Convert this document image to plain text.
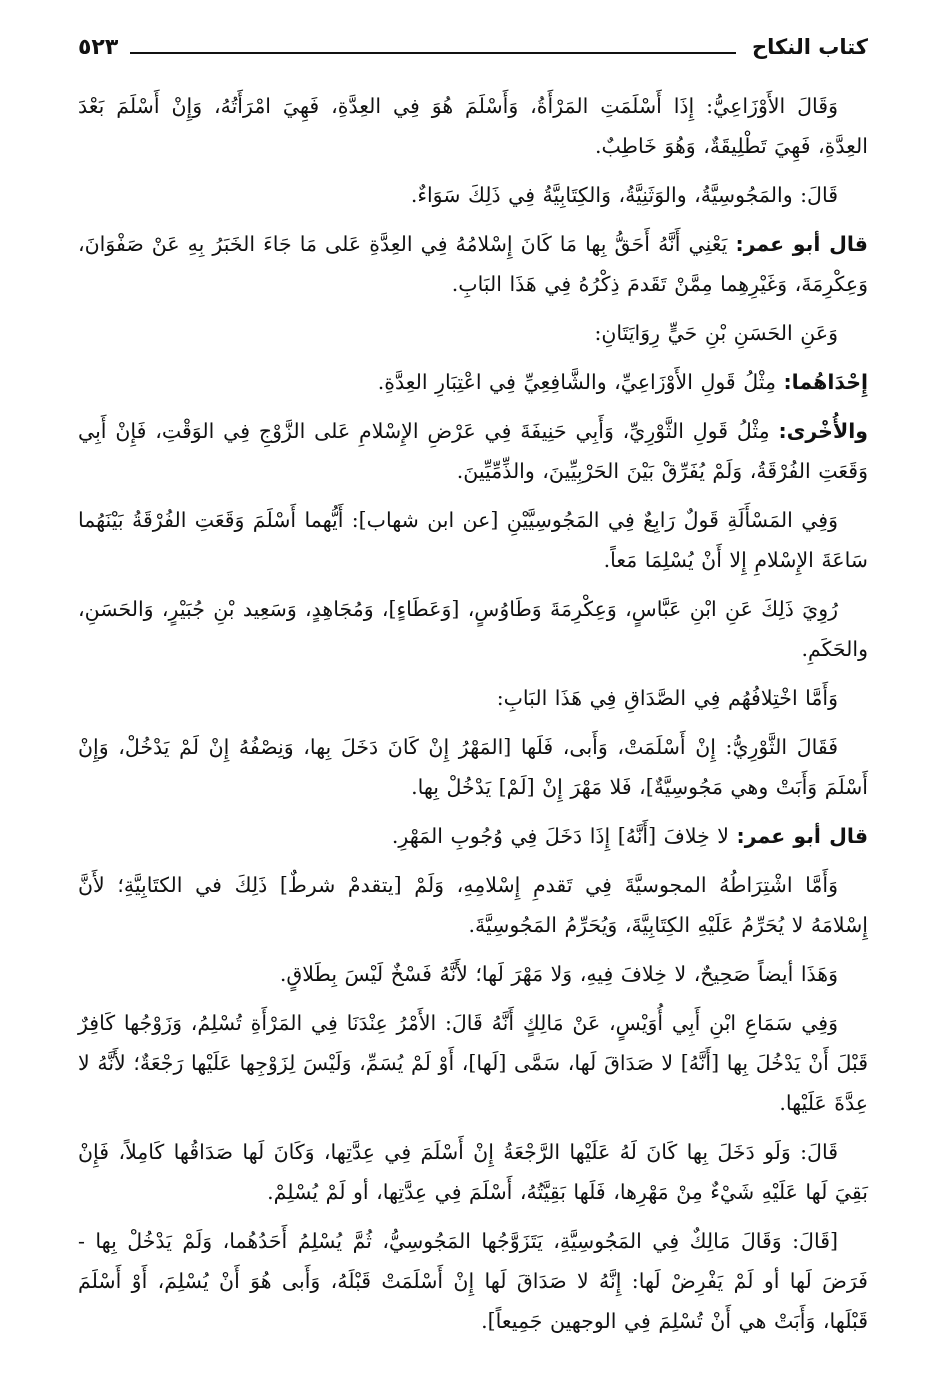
كتاب النكاح
٥٢٣

وَقَالَ الأَوْزَاعِيُّ: إِذَا أَسْلَمَتِ المَرْأَةُ، وَأَسْلَمَ هُوَ فِي العِدَّةِ، فَهِيَ امْرَأَتُهُ، وَإِنْ أَسْلَمَ بَعْدَ العِدَّةِ، فَهِيَ تَطْلِيقَةٌ، وَهُوَ خَاطِبٌ.

قَالَ: والمَجُوسِيَّةُ، والوَثَنِيَّةُ، وَالكِتَابِيَّةُ فِي ذَلِكَ سَوَاءٌ.

قال أبو عمر: يَعْنِي أَنَّهُ أَحَقُّ بِها مَا كَانَ إِسْلامُهُ فِي العِدَّةِ عَلى مَا جَاءَ الخَبَرُ بِهِ عَنْ صَفْوَانَ، وَعِكْرِمَةَ، وَغَيْرِهِما مِمَّنْ تَقَدمَ ذِكْرُهُ فِي هَذَا البَابِ.

وَعَنِ الحَسَنِ بْنِ حَيٍّ رِوَايَتَانِ:

إِحْدَاهُما: مِثْلُ قَولِ الأَوْزَاعِيِّ، والشَّافِعِيِّ فِي اعْتِبَارِ العِدَّةِ.

والأُخْرى: مِثْلُ قَولِ الثَّوْرِيِّ، وَأَبِي حَنِيفَةَ فِي عَرْضِ الإِسْلامِ عَلى الزَّوْجِ فِي الوَقْتِ، فَإِنْ أَبِي وَقَعَتِ الفُرْقَةُ، وَلَمْ يُفَرِّقْ بَيْنَ الحَرْبِيِّينَ، والذِّمِّيِّينَ.

وَفِي المَسْأَلَةِ قَولٌ رَابِعٌ فِي المَجُوسِيَّيْنِ [عن ابن شهاب]: أَيُّهما أَسْلَمَ وَقَعَتِ الفُرْقَةُ بَيْنَهُما سَاعَةَ الإِسْلامِ إِلا أَنْ يُسْلِمَا مَعاً.

رُوِيَ ذَلِكَ عَنِ ابْنِ عَبَّاسٍ، وَعِكْرِمَةَ وَطَاوُسٍ، [وَعَطَاءٍ]، وَمُجَاهِدٍ، وَسَعِيد بْنِ جُبَيْرٍ، وَالحَسَنِ، والحَكَمِ.

وَأَمَّا اخْتِلافُهُم فِي الصَّدَاقِ فِي هَذَا البَابِ:

فَقَالَ الثَّوْرِيُّ: إِنْ أَسْلَمَتْ، وَأَبى، فَلَها [المَهْرُ إِنْ كَانَ دَخَلَ بِها، وَنِصْفُهُ إِنْ لَمْ يَدْخُلْ، وَإِنْ أَسْلَمَ وَأَبَتْ وهي مَجُوسِيَّةٌ]، فَلا مَهْرَ إِنْ [لَمْ] يَدْخُلْ بِها.

قال أبو عمر: لا خِلافَ [أَنَّهُ] إِذَا دَخَلَ فِي وُجُوبِ المَهْرِ.

وَأَمَّا اشْتِرَاطُهُ المجوسيَّةَ فِي تَقدمِ إِسْلامِهِ، وَلَمْ [يتقدمْ شرطٌ] ذَلِكَ في الكتَابِيَّةِ؛ لأَنَّ إِسْلامَهُ لا يُحَرِّمُ عَلَيْهِ الكِتَابِيَّةَ، وَيُحَرِّمُ المَجُوسِيَّةَ.

وَهَذَا أيضاً صَحِيحٌ، لا خِلافَ فِيهِ، وَلا مَهْرَ لَها؛ لأَنَّهُ فَسْخٌ لَيْسَ بِطَلاقٍ.

وَفِي سَمَاعِ ابْنِ أَبِي أُوَيْسٍ، عَنْ مَالِكٍ أَنَّهُ قَالَ: الأَمْرُ عِنْدَنَا فِي المَرْأَةِ تُسْلِمُ، وَزَوْجُها كَافِرٌ قَبْلَ أَنْ يَدْخُلَ بِها [أَنَّهُ] لا صَدَاقَ لَها، سَمَّى [لَها]، أَوْ لَمْ يُسَمِّ، وَلَيْسَ لِزَوْجِها عَلَيْها رَجْعَةٌ؛ لأَنَّهُ لا عِدَّةَ عَلَيْها.

قَالَ: وَلَو دَخَلَ بِها كَانَ لَهُ عَلَيْها الرَّجْعَةُ إِنْ أَسْلَمَ فِي عِدَّتِها، وَكَانَ لَها صَدَاقُها كَامِلاً، فَإِنْ بَقِيَ لَها عَلَيْهِ شَيْءٌ مِنْ مَهْرِها، فَلَها بَقِيَّتُهُ، أَسْلَمَ فِي عِدَّتِها، أو لَمْ يُسْلِمْ.

[قَالَ: وَقَالَ مَالِكٌ فِي المَجُوسِيَّةِ، يَتَزَوَّجُها المَجُوسِيُّ، ثُمَّ يُسْلِمُ أَحَدُهُما، وَلَمْ يَدْخُلْ بِها - فَرَضَ لَها أو لَمْ يَفْرِضْ لَها: إِنَّهُ لا صَدَاقَ لَها إِنْ أَسْلَمَتْ قَبْلَهُ، وَأَبى هُوَ أَنْ يُسْلِمَ، أَوْ أَسْلَمَ قَبْلَها، وَأَبَتْ هي أَنْ تُسْلِمَ فِي الوجهين جَمِيعاً].
